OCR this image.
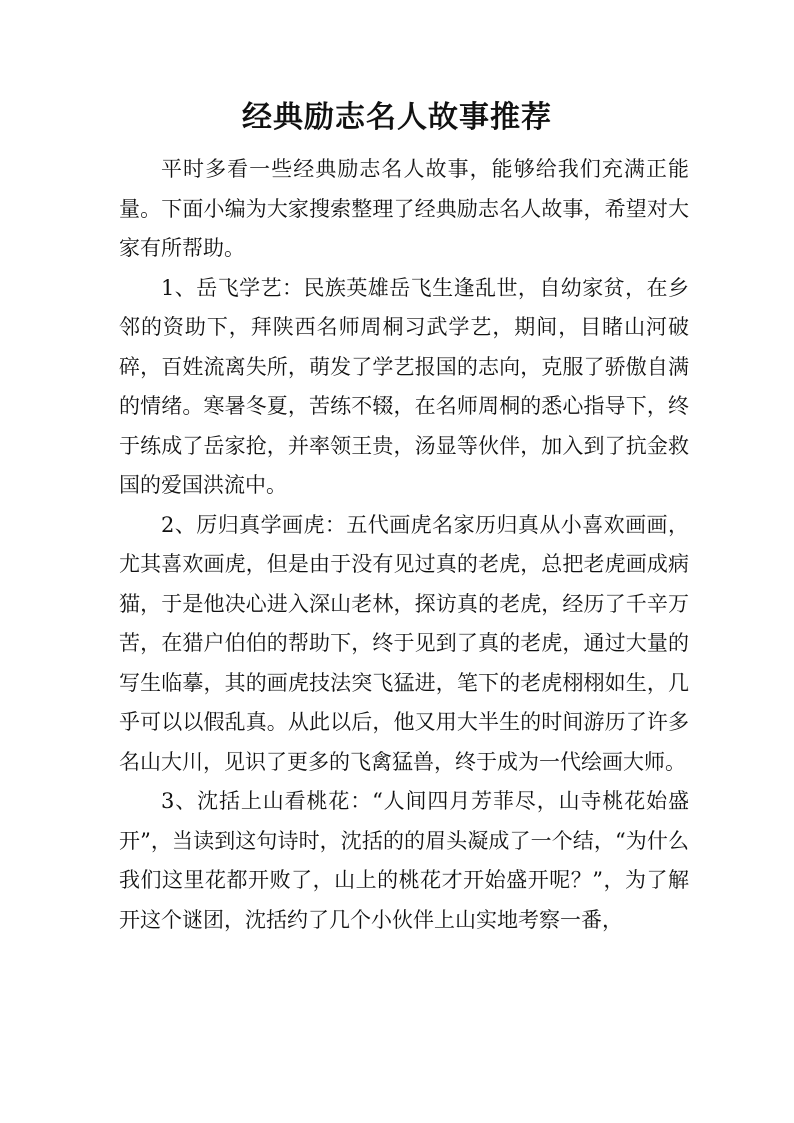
经典励志名人故事推荐

平时多看一些经典励志名人故事，能够给我们充满正能量。下面小编为大家搜索整理了经典励志名人故事，希望对大家有所帮助。

1、岳飞学艺：民族英雄岳飞生逢乱世，自幼家贫，在乡邻的资助下，拜陕西名师周桐习武学艺，期间，目睹山河破碎，百姓流离失所，萌发了学艺报国的志向，克服了骄傲自满的情绪。寒暑冬夏，苦练不辍，在名师周桐的悉心指导下，终于练成了岳家抢，并率领王贵，汤显等伙伴，加入到了抗金救国的爱国洪流中。

2、厉归真学画虎：五代画虎名家历归真从小喜欢画画，尤其喜欢画虎，但是由于没有见过真的老虎，总把老虎画成病猫，于是他决心进入深山老林，探访真的老虎，经历了千辛万苦，在猎户伯伯的帮助下，终于见到了真的老虎，通过大量的写生临摹，其的画虎技法突飞猛进，笔下的老虎栩栩如生，几乎可以以假乱真。从此以后，他又用大半生的时间游历了许多名山大川，见识了更多的飞禽猛兽，终于成为一代绘画大师。

3、沈括上山看桃花：“人间四月芳菲尽，山寺桃花始盛开”，当读到这句诗时，沈括的的眉头凝成了一个结，“为什么我们这里花都开败了，山上的桃花才开始盛开呢？”，为了解开这个谜团，沈括约了几个小伙伴上山实地考察一番，
